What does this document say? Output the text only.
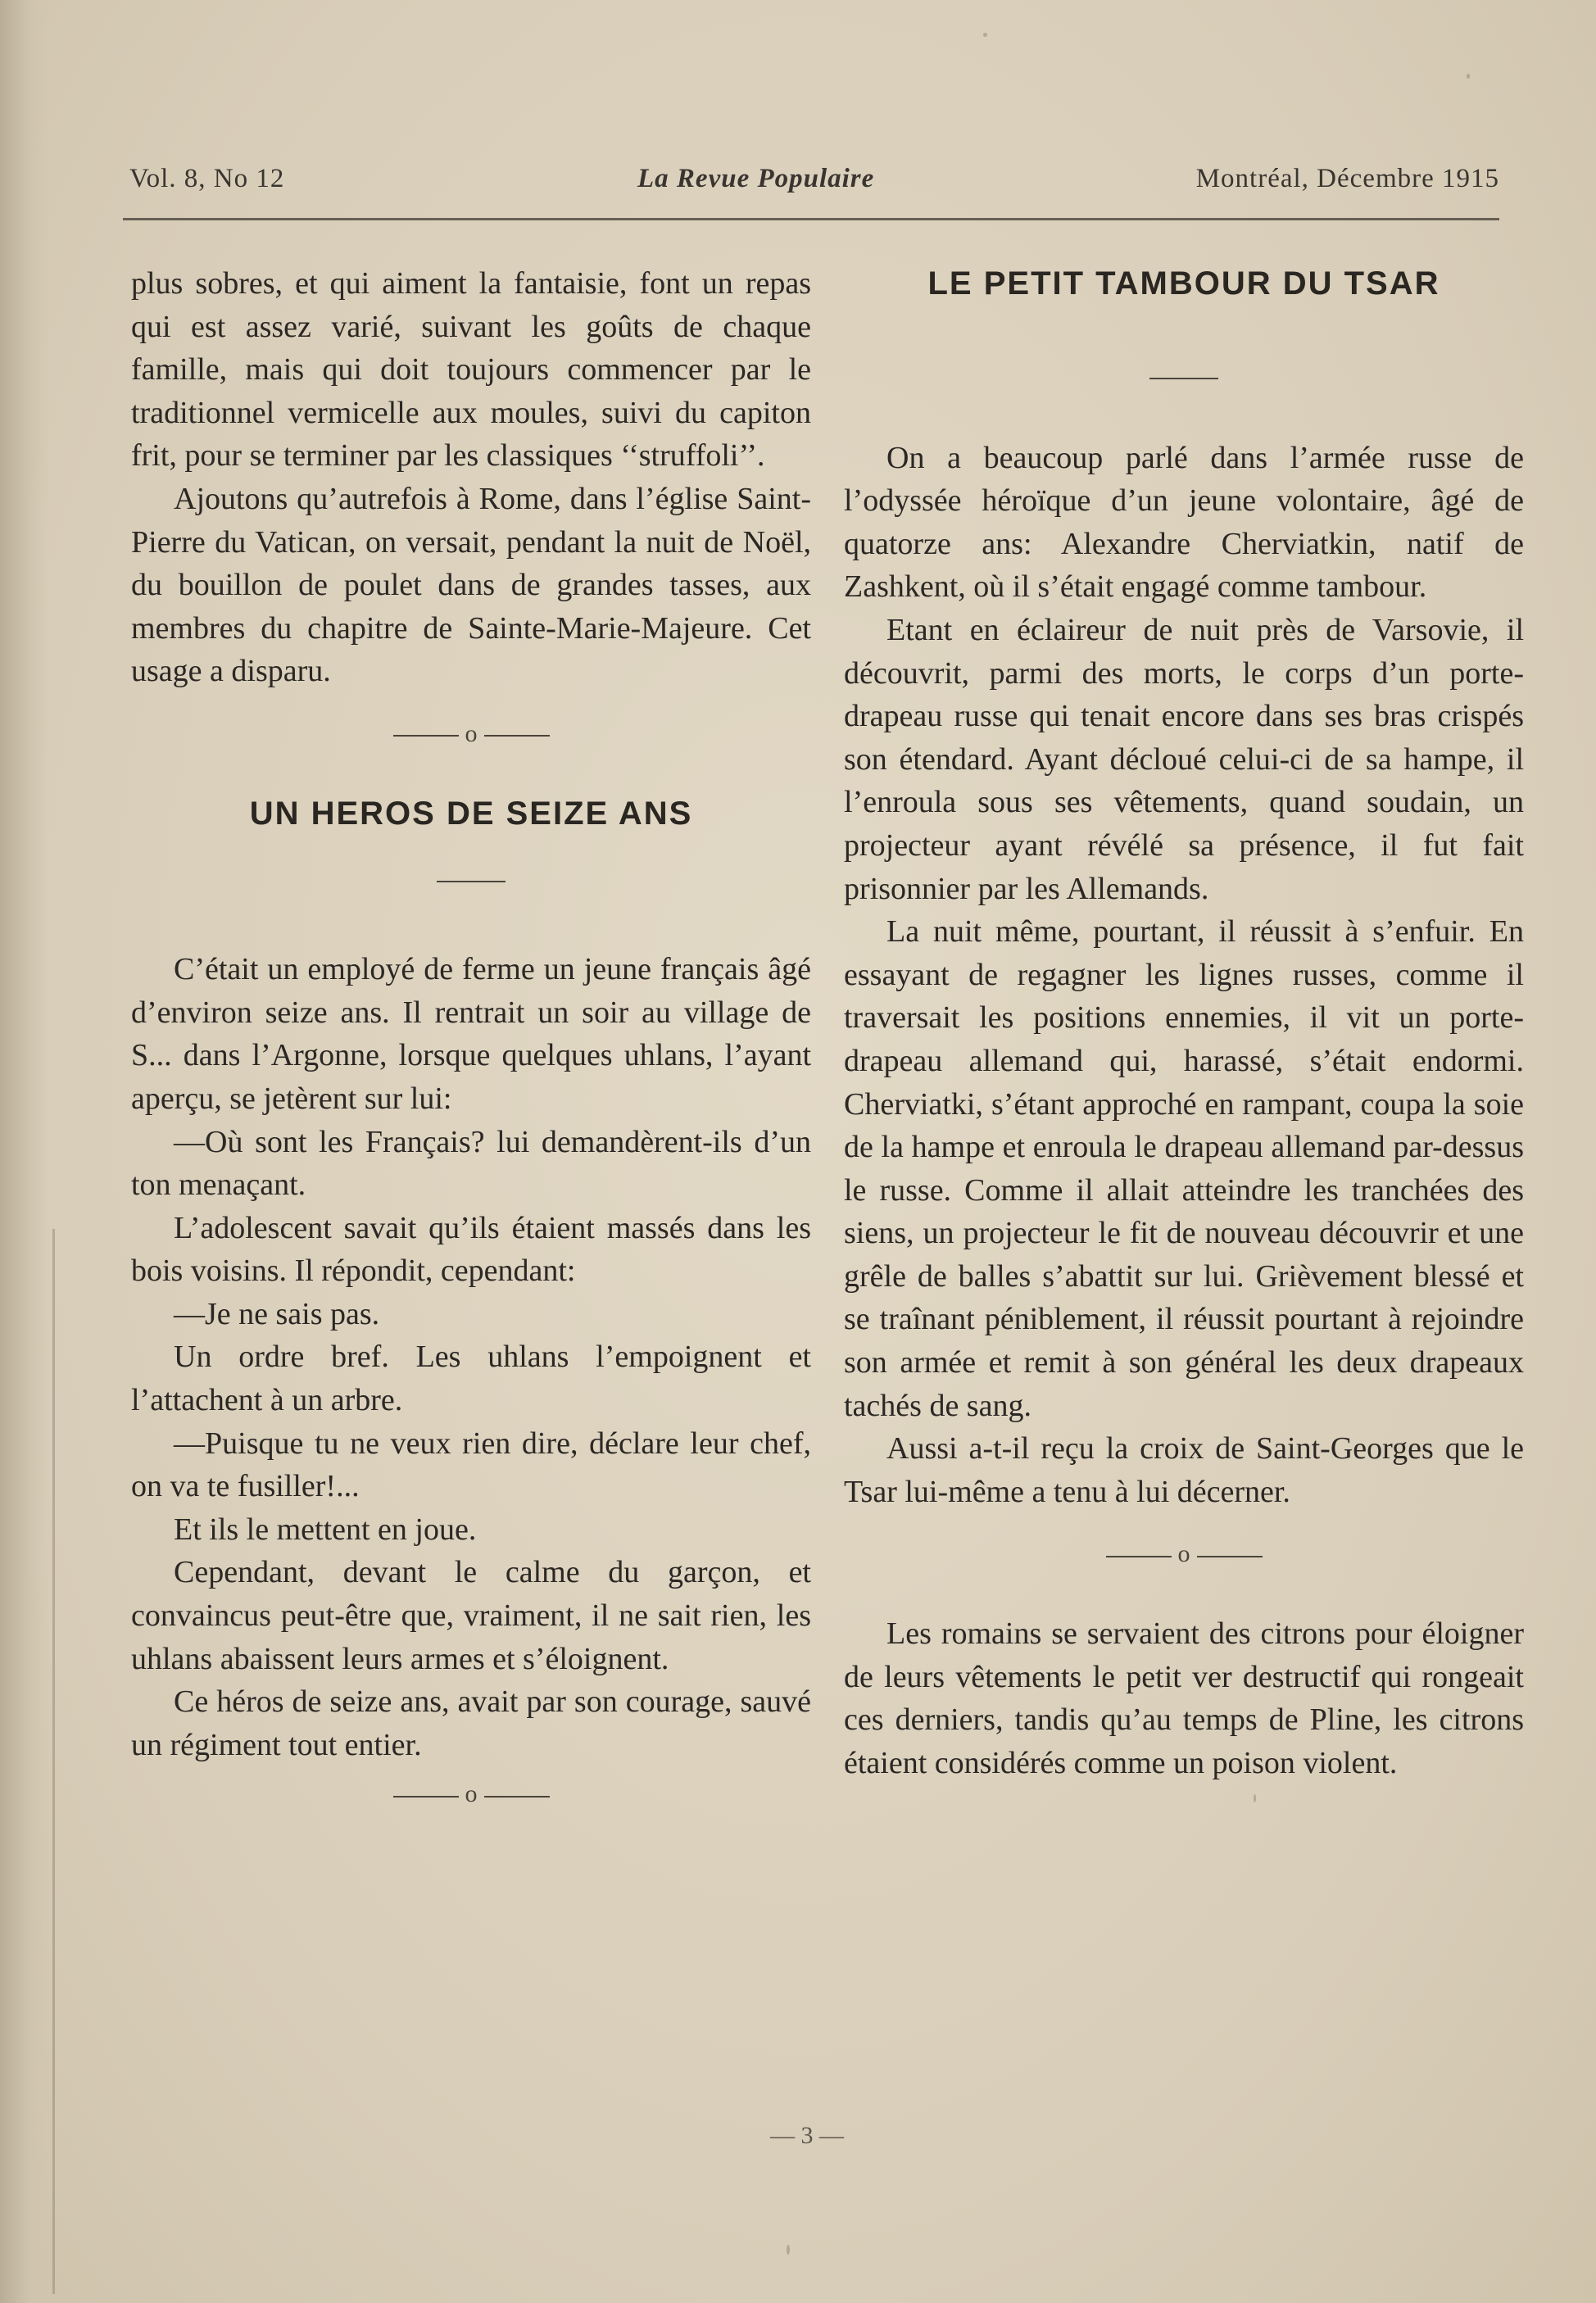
Vol. 8, No 12	La Revue Populaire	Montréal, Décembre 1915

plus sobres, et qui aiment la fantaisie, font un repas qui est assez varié, suivant les goûts de chaque famille, mais qui doit toujours commencer par le traditionnel vermicelle aux moules, suivi du capiton frit, pour se terminer par les classiques ‘‘struffoli’’.

Ajoutons qu’autrefois à Rome, dans l’église Saint-Pierre du Vatican, on versait, pendant la nuit de Noël, du bouillon de poulet dans de grandes tasses, aux membres du chapitre de Sainte-Marie-Majeure. Cet usage a disparu.

o
UN HEROS DE SEIZE ANS

C’était un employé de ferme un jeune français âgé d’environ seize ans. Il rentrait un soir au village de S... dans l’Argonne, lorsque quelques uhlans, l’ayant aperçu, se jetèrent sur lui:

—Où sont les Français? lui demandèrent-ils d’un ton menaçant.

L’adolescent savait qu’ils étaient massés dans les bois voisins. Il répondit, cependant:

—Je ne sais pas.

Un ordre bref. Les uhlans l’empoignent et l’attachent à un arbre.

—Puisque tu ne veux rien dire, déclare leur chef, on va te fusiller!...

Et ils le mettent en joue.

Cependant, devant le calme du garçon, et convaincus peut-être que, vraiment, il ne sait rien, les uhlans abaissent leurs armes et s’éloignent.

Ce héros de seize ans, avait par son courage, sauvé un régiment tout entier.

o
LE PETIT TAMBOUR DU TSAR

On a beaucoup parlé dans l’armée russe de l’odyssée héroïque d’un jeune volontaire, âgé de quatorze ans: Alexandre Cherviatkin, natif de Zashkent, où il s’était engagé comme tambour.

Etant en éclaireur de nuit près de Varsovie, il découvrit, parmi des morts, le corps d’un porte-drapeau russe qui tenait encore dans ses bras crispés son étendard. Ayant décloué celui-ci de sa hampe, il l’enroula sous ses vêtements, quand soudain, un projecteur ayant révélé sa présence, il fut fait prisonnier par les Allemands.

La nuit même, pourtant, il réussit à s’enfuir. En essayant de regagner les lignes russes, comme il traversait les positions ennemies, il vit un porte-drapeau allemand qui, harassé, s’était endormi. Cherviatki, s’étant approché en rampant, coupa la soie de la hampe et enroula le drapeau allemand par-dessus le russe. Comme il allait atteindre les tranchées des siens, un projecteur le fit de nouveau découvrir et une grêle de balles s’abattit sur lui. Grièvement blessé et se traînant péniblement, il réussit pourtant à rejoindre son armée et remit à son général les deux drapeaux tachés de sang.

Aussi a-t-il reçu la croix de Saint-Georges que le Tsar lui-même a tenu à lui décerner.

o

Les romains se servaient des citrons pour éloigner de leurs vêtements le petit ver destructif qui rongeait ces derniers, tandis qu’au temps de Pline, les citrons étaient considérés comme un poison violent.

— 3 —
